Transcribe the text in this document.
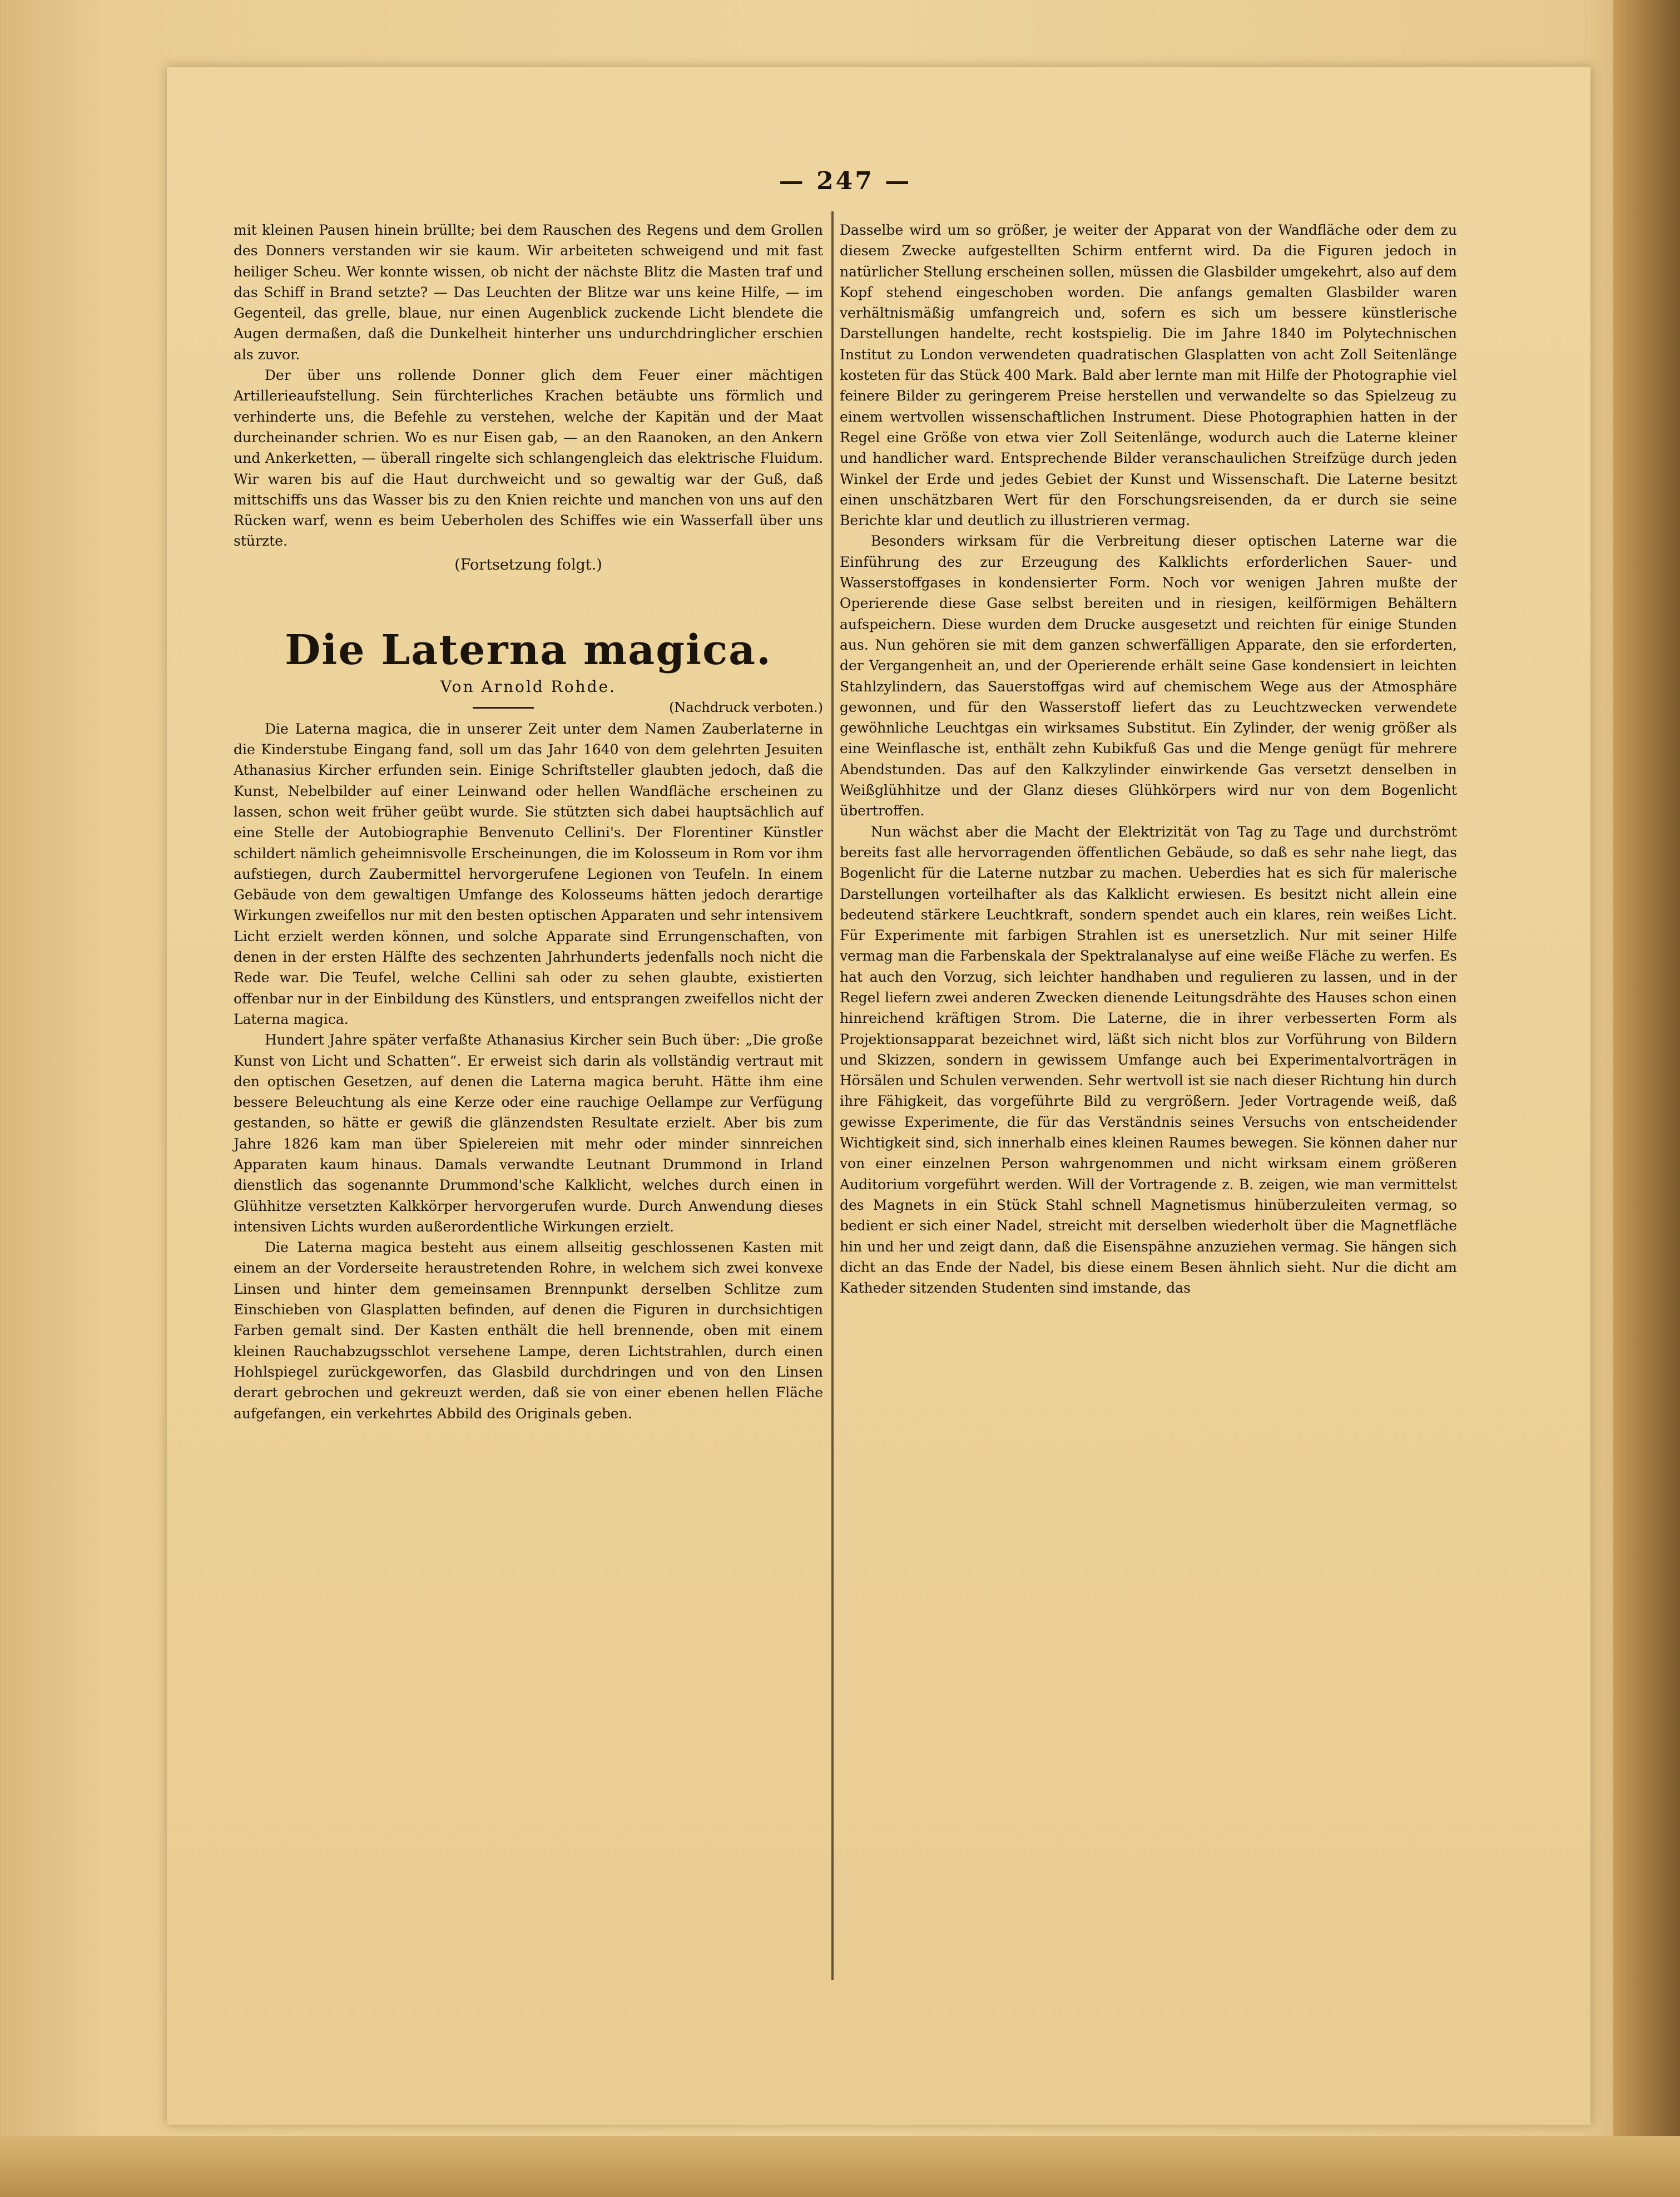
— 247 —

mit kleinen Pausen hinein brüllte; bei dem Rauschen des Regens und dem Grollen des Donners verstanden wir sie kaum. Wir arbeiteten schweigend und mit fast heiliger Scheu. Wer konnte wissen, ob nicht der nächste Blitz die Masten traf und das Schiff in Brand setzte? — Das Leuchten der Blitze war uns keine Hilfe, — im Gegenteil, das grelle, blaue, nur einen Augenblick zuckende Licht blendete die Augen dermaßen, daß die Dunkelheit hinterher uns undurchdringlicher erschien als zuvor.

Der über uns rollende Donner glich dem Feuer einer mächtigen Artillerieaufstellung. Sein fürchterliches Krachen betäubte uns förmlich und verhinderte uns, die Befehle zu verstehen, welche der Kapitän und der Maat durcheinander schrien. Wo es nur Eisen gab, — an den Raanoken, an den Ankern und Ankerketten, — überall ringelte sich schlangengleich das elektrische Fluidum. Wir waren bis auf die Haut durchweicht und so gewaltig war der Guß, daß mittschiffs uns das Wasser bis zu den Knien reichte und manchen von uns auf den Rücken warf, wenn es beim Ueberholen des Schiffes wie ein Wasserfall über uns stürzte.

(Fortsetzung folgt.)

Die Laterna magica.
Von Arnold Rohde.

(Nachdruck verboten.)

Die Laterna magica, die in unserer Zeit unter dem Namen Zauberlaterne in die Kinderstube Eingang fand, soll um das Jahr 1640 von dem gelehrten Jesuiten Athanasius Kircher erfunden sein. Einige Schriftsteller glaubten jedoch, daß die Kunst, Nebelbilder auf einer Leinwand oder hellen Wandfläche erscheinen zu lassen, schon weit früher geübt wurde. Sie stützten sich dabei hauptsächlich auf eine Stelle der Autobiographie Benvenuto Cellini's. Der Florentiner Künstler schildert nämlich geheimnisvolle Erscheinungen, die im Kolosseum in Rom vor ihm aufstiegen, durch Zaubermittel hervorgerufene Legionen von Teufeln. In einem Gebäude von dem gewaltigen Umfange des Kolosseums hätten jedoch derartige Wirkungen zweifellos nur mit den besten optischen Apparaten und sehr intensivem Licht erzielt werden können, und solche Apparate sind Errungenschaften, von denen in der ersten Hälfte des sechzenten Jahrhunderts jedenfalls noch nicht die Rede war. Die Teufel, welche Cellini sah oder zu sehen glaubte, existierten offenbar nur in der Einbildung des Künstlers, und entsprangen zweifellos nicht der Laterna magica.

Hundert Jahre später verfaßte Athanasius Kircher sein Buch über: „Die große Kunst von Licht und Schatten“. Er erweist sich darin als vollständig vertraut mit den optischen Gesetzen, auf denen die Laterna magica beruht. Hätte ihm eine bessere Beleuchtung als eine Kerze oder eine rauchige Oellampe zur Verfügung gestanden, so hätte er gewiß die glänzendsten Resultate erzielt. Aber bis zum Jahre 1826 kam man über Spielereien mit mehr oder minder sinnreichen Apparaten kaum hinaus. Damals verwandte Leutnant Drummond in Irland dienstlich das sogenannte Drummond'sche Kalklicht, welches durch einen in Glühhitze versetzten Kalkkörper hervorgerufen wurde. Durch Anwendung dieses intensiven Lichts wurden außerordentliche Wirkungen erzielt.

Die Laterna magica besteht aus einem allseitig geschlossenen Kasten mit einem an der Vorderseite heraustretenden Rohre, in welchem sich zwei konvexe Linsen und hinter dem gemeinsamen Brennpunkt derselben Schlitze zum Einschieben von Glasplatten befinden, auf denen die Figuren in durchsichtigen Farben gemalt sind. Der Kasten enthält die hell brennende, oben mit einem kleinen Rauchabzugsschlot versehene Lampe, deren Lichtstrahlen, durch einen Hohlspiegel zurückgeworfen, das Glasbild durchdringen und von den Linsen derart gebrochen und gekreuzt werden, daß sie von einer ebenen hellen Fläche aufgefangen, ein verkehrtes Abbild des Originals geben.

Dasselbe wird um so größer, je weiter der Apparat von der Wandfläche oder dem zu diesem Zwecke aufgestellten Schirm entfernt wird. Da die Figuren jedoch in natürlicher Stellung erscheinen sollen, müssen die Glasbilder umgekehrt, also auf dem Kopf stehend eingeschoben worden. Die anfangs gemalten Glasbilder waren verhältnismäßig umfangreich und, sofern es sich um bessere künstlerische Darstellungen handelte, recht kostspielig. Die im Jahre 1840 im Polytechnischen Institut zu London verwendeten quadratischen Glasplatten von acht Zoll Seitenlänge kosteten für das Stück 400 Mark. Bald aber lernte man mit Hilfe der Photographie viel feinere Bilder zu geringerem Preise herstellen und verwandelte so das Spielzeug zu einem wertvollen wissenschaftlichen Instrument. Diese Photographien hatten in der Regel eine Größe von etwa vier Zoll Seitenlänge, wodurch auch die Laterne kleiner und handlicher ward. Entsprechende Bilder veranschaulichen Streifzüge durch jeden Winkel der Erde und jedes Gebiet der Kunst und Wissenschaft. Die Laterne besitzt einen unschätzbaren Wert für den Forschungsreisenden, da er durch sie seine Berichte klar und deutlich zu illustrieren vermag.

Besonders wirksam für die Verbreitung dieser optischen Laterne war die Einführung des zur Erzeugung des Kalklichts erforderlichen Sauer- und Wasserstoffgases in kondensierter Form. Noch vor wenigen Jahren mußte der Operierende diese Gase selbst bereiten und in riesigen, keilförmigen Behältern aufspeichern. Diese wurden dem Drucke ausgesetzt und reichten für einige Stunden aus. Nun gehören sie mit dem ganzen schwerfälligen Apparate, den sie erforderten, der Vergangenheit an, und der Operierende erhält seine Gase kondensiert in leichten Stahlzylindern, das Sauerstoffgas wird auf chemischem Wege aus der Atmosphäre gewonnen, und für den Wasserstoff liefert das zu Leuchtzwecken verwendete gewöhnliche Leuchtgas ein wirksames Substitut. Ein Zylinder, der wenig größer als eine Weinflasche ist, enthält zehn Kubikfuß Gas und die Menge genügt für mehrere Abendstunden. Das auf den Kalkzylinder einwirkende Gas versetzt denselben in Weißglühhitze und der Glanz dieses Glühkörpers wird nur von dem Bogenlicht übertroffen.

Nun wächst aber die Macht der Elektrizität von Tag zu Tage und durchströmt bereits fast alle hervorragenden öffentlichen Gebäude, so daß es sehr nahe liegt, das Bogenlicht für die Laterne nutzbar zu machen. Ueberdies hat es sich für malerische Darstellungen vorteilhafter als das Kalklicht erwiesen. Es besitzt nicht allein eine bedeutend stärkere Leuchtkraft, sondern spendet auch ein klares, rein weißes Licht. Für Experimente mit farbigen Strahlen ist es unersetzlich. Nur mit seiner Hilfe vermag man die Farbenskala der Spektralanalyse auf eine weiße Fläche zu werfen. Es hat auch den Vorzug, sich leichter handhaben und regulieren zu lassen, und in der Regel liefern zwei anderen Zwecken dienende Leitungsdrähte des Hauses schon einen hinreichend kräftigen Strom. Die Laterne, die in ihrer verbesserten Form als Projektionsapparat bezeichnet wird, läßt sich nicht blos zur Vorführung von Bildern und Skizzen, sondern in gewissem Umfange auch bei Experimentalvorträgen in Hörsälen und Schulen verwenden. Sehr wertvoll ist sie nach dieser Richtung hin durch ihre Fähigkeit, das vorgeführte Bild zu vergrößern. Jeder Vortragende weiß, daß gewisse Experimente, die für das Verständnis seines Versuchs von entscheidender Wichtigkeit sind, sich innerhalb eines kleinen Raumes bewegen. Sie können daher nur von einer einzelnen Person wahrgenommen und nicht wirksam einem größeren Auditorium vorgeführt werden. Will der Vortragende z. B. zeigen, wie man vermittelst des Magnets in ein Stück Stahl schnell Magnetismus hinüberzuleiten vermag, so bedient er sich einer Nadel, streicht mit derselben wiederholt über die Magnetfläche hin und her und zeigt dann, daß die Eisenspähne anzuziehen vermag. Sie hängen sich dicht an das Ende der Nadel, bis diese einem Besen ähnlich sieht. Nur die dicht am Katheder sitzenden Studenten sind imstande, das
